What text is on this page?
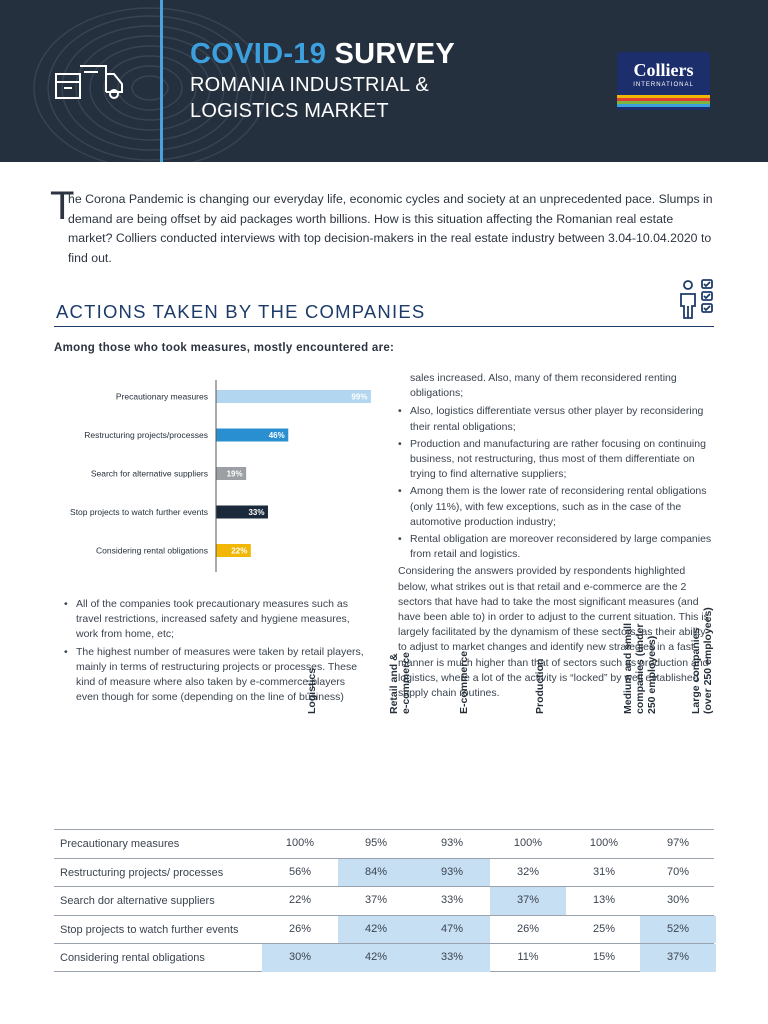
COVID-19 SURVEY
ROMANIA INDUSTRIAL &
LOGISTICS MARKET
Colliers
INTERNATIONAL
T
he Corona Pandemic is changing our everyday life, economic cycles and society at an unprecedented pace. Slumps in demand are being offset by aid packages worth billions. How is this situation affecting the Romanian real estate market? Colliers conducted interviews with top decision-makers in the real estate industry between 3.04-10.04.2020 to find out.
ACTIONS TAKEN BY THE COMPANIES
Among those who took measures, mostly encountered are:
Precautionary measures	99%
Restructuring projects/processes	46%
Search for alternative suppliers 19%
Stop projects to watch further events	33%
Considering rental obligations	22%
sales increased. Also, many of them reconsidered renting obligations;
• Also, logistics differentiate versus other player by reconsidering their rental obligations;
• Production and manufacturing are rather focusing on continuing business, not restructuring, thus most of them differentiate on trying to find alternative suppliers;
• Among them is the lower rate of reconsidering rental obligations (only 11%), with few exceptions, such as in the case of the automotive production industry;
• Rental obligation are moreover reconsidered by large companies from retail and logistics.
Considering the answers provided by respondents highlighted below, what strikes out is that retail and e-commerce are the 2 sectors that have had to take the most significant measures (and have been able to) in order to adjust to the current situation. This is largely facilitated by the dynamism of these sectors, as their ability to adjust to market changes and identify new strategies in a fast manner is much higher than that of sectors such as production and logistics, where a lot of the activity is “locked” by well established supply chain routines.
• All of the companies took precautionary measures such as travel restrictions, increased safety and hygiene measures, work from home, etc;
• The highest number of measures were taken by retail players, mainly in terms of restructuring projects or processes. These kind of measure where also taken by e-commerce players even though for some (depending on the line of business)
Logistics	Retail and & e-commerce	E-commerce	Production	Medium and small companies (under 250 employees)	Large companies (over 250 employees)
Precautionary measures	100%	95%	93%	100%	100%	97%
Restructuring projects/ processes	56%	84%	93%	32%	31%	70%
Search dor alternative suppliers	22%	37%	33%	37%	13%	30%
Stop projects to watch further events	26%	42%	47%	26%	25%	52%
Considering rental obligations	30%	42%	33%	11%	15%	37%
